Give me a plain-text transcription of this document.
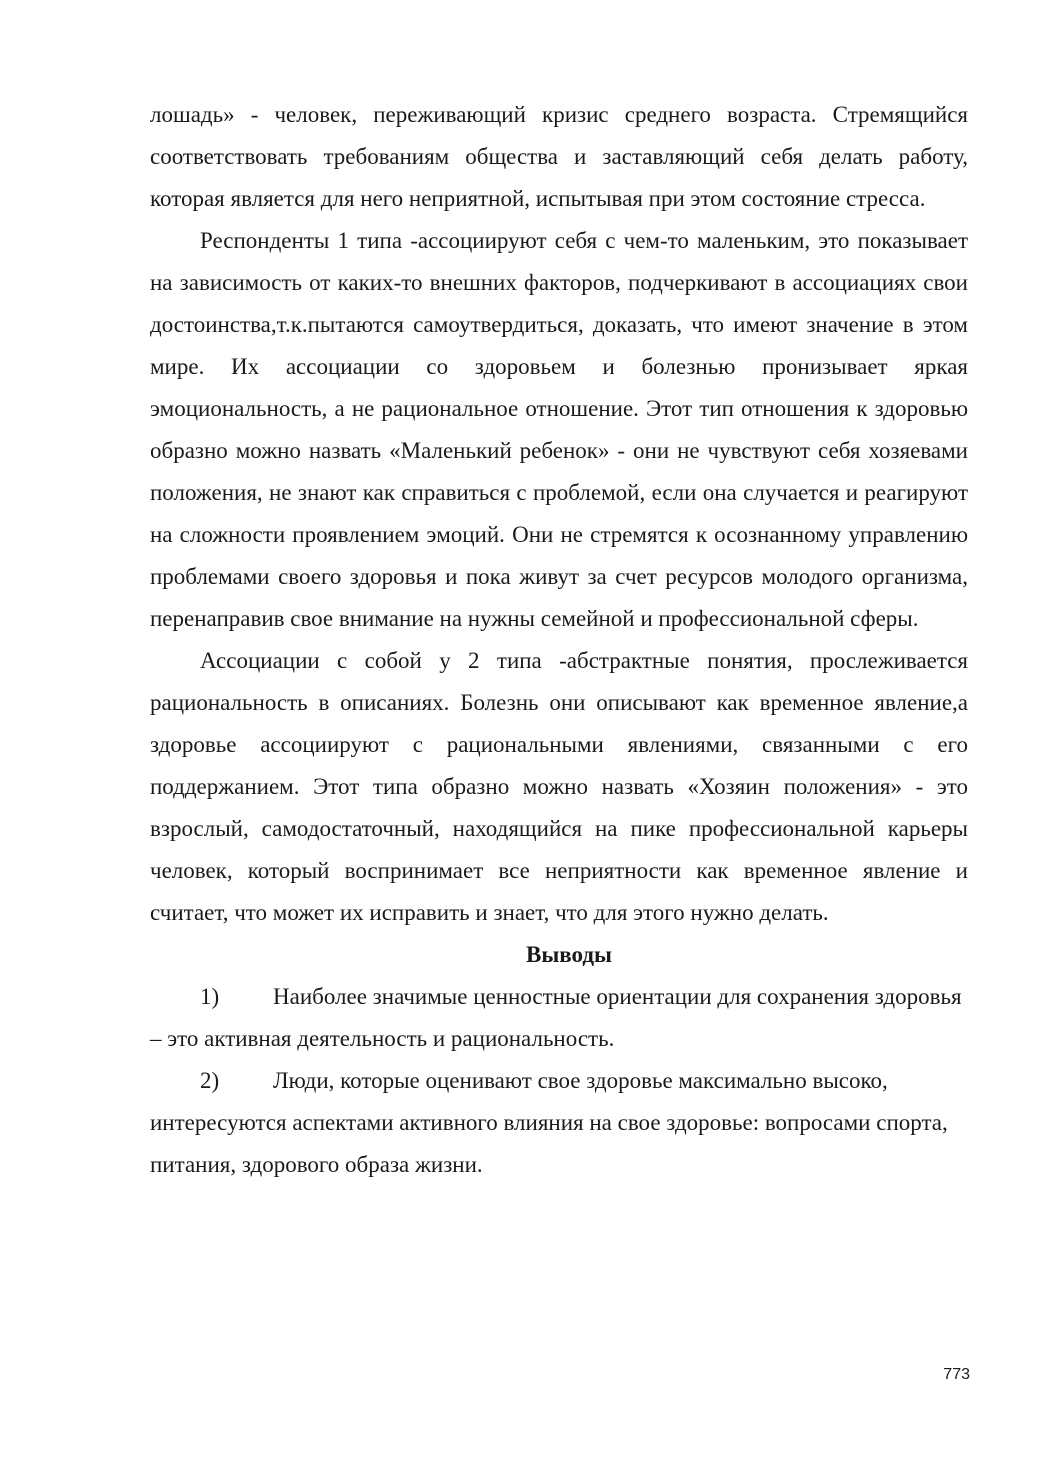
лошадь» - человек, переживающий кризис среднего возраста. Стремящийся соответствовать требованиям общества и заставляющий себя делать работу, которая является для него неприятной, испытывая при этом состояние стресса.

Респонденты 1 типа -ассоциируют себя с чем-то маленьким, это показывает на зависимость от каких-то внешних факторов, подчеркивают в ассоциациях свои достоинства,т.к.пытаются самоутвердиться, доказать, что имеют значение в этом мире. Их ассоциации со здоровьем и болезнью пронизывает яркая эмоциональность, а не рациональное отношение. Этот тип отношения к здоровью образно можно назвать «Маленький ребенок» - они не чувствуют себя хозяевами положения, не знают как справиться с проблемой, если она случается и реагируют на сложности проявлением эмоций. Они не стремятся к осознанному управлению проблемами своего здоровья и пока живут за счет ресурсов молодого организма, перенаправив свое внимание на нужны семейной и профессиональной сферы.

Ассоциации с собой у 2 типа -абстрактные понятия, прослеживается рациональность в описаниях. Болезнь они описывают как временное явление,а здоровье ассоциируют с рациональными явлениями, связанными с его поддержанием. Этот типа образно можно назвать «Хозяин положения» - это взрослый, самодостаточный, находящийся на пике профессиональной карьеры человек, который воспринимает все неприятности как временное явление и считает, что может их исправить и знает, что для этого нужно делать.

Выводы

1) Наиболее значимые ценностные ориентации для сохранения здоровья – это активная деятельность и рациональность.

2) Люди, которые оценивают свое здоровье максимально высоко, интересуются аспектами активного влияния на свое здоровье: вопросами спорта, питания, здорового образа жизни.

773
